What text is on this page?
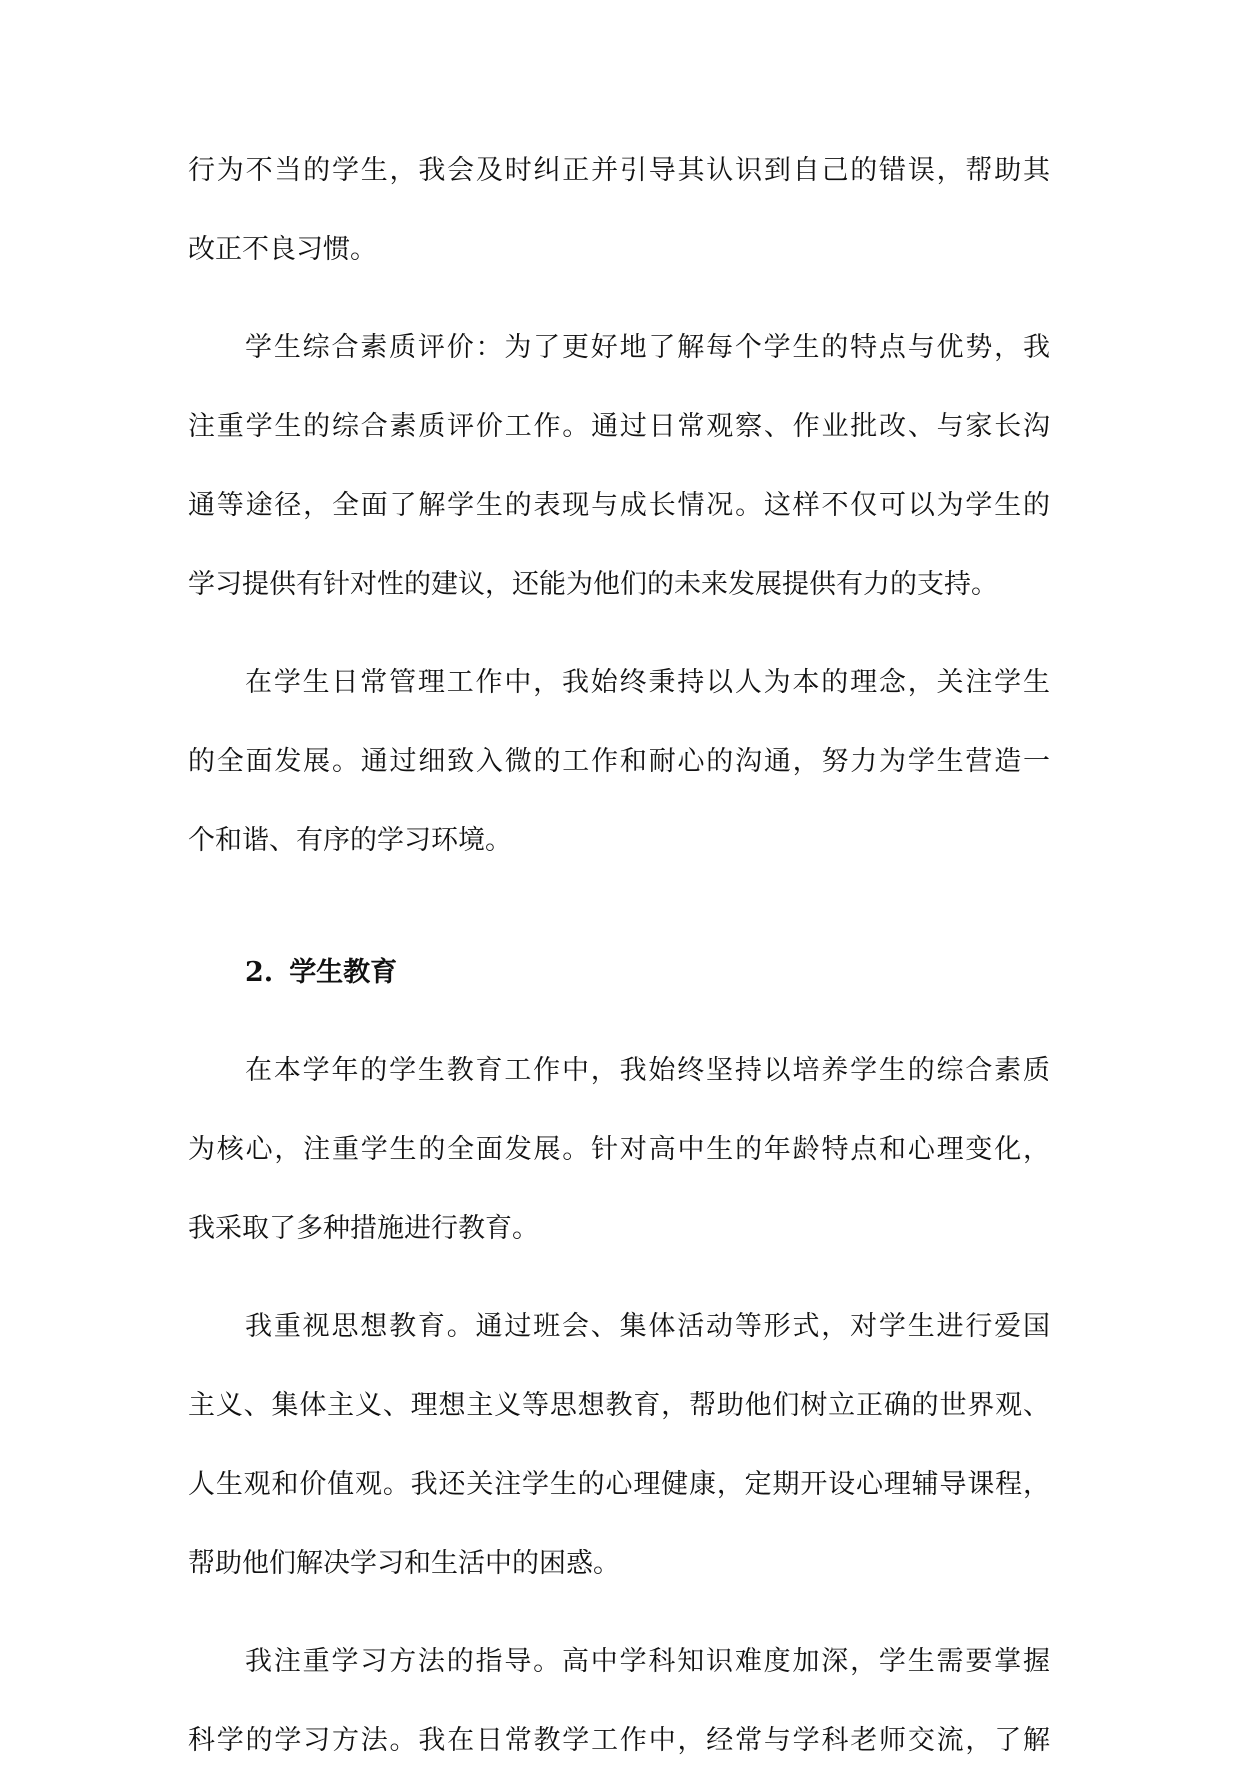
行为不当的学生，我会及时纠正并引导其认识到自己的错误，帮助其
改正不良习惯。
学生综合素质评价：为了更好地了解每个学生的特点与优势，我
注重学生的综合素质评价工作。通过日常观察、作业批改、与家长沟
通等途径，全面了解学生的表现与成长情况。这样不仅可以为学生的
学习提供有针对性的建议，还能为他们的未来发展提供有力的支持。
在学生日常管理工作中，我始终秉持以人为本的理念，关注学生
的全面发展。通过细致入微的工作和耐心的沟通，努力为学生营造一
个和谐、有序的学习环境。
2. 学生教育
在本学年的学生教育工作中，我始终坚持以培养学生的综合素质
为核心，注重学生的全面发展。针对高中生的年龄特点和心理变化，
我采取了多种措施进行教育。
我重视思想教育。通过班会、集体活动等形式，对学生进行爱国
主义、集体主义、理想主义等思想教育，帮助他们树立正确的世界观、
人生观和价值观。我还关注学生的心理健康，定期开设心理辅导课程，
帮助他们解决学习和生活中的困惑。
我注重学习方法的指导。高中学科知识难度加深，学生需要掌握
科学的学习方法。我在日常教学工作中，经常与学科老师交流，了解
